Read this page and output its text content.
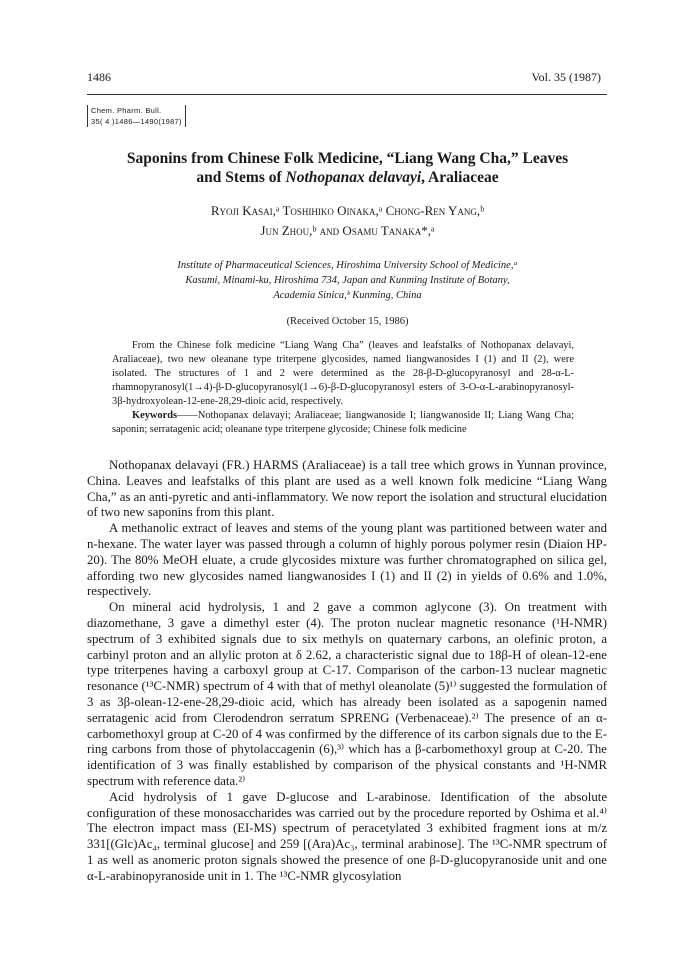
1486	Vol. 35 (1987)
Chem. Pharm. Bull.
35( 4 )1486—1490(1987)
Saponins from Chinese Folk Medicine, “Liang Wang Cha,” Leaves
and Stems of Nothopanax delavayi, Araliaceae
Ryoji Kasai,ᵃ Toshihiko Oinaka,ᵃ Chong-Ren Yang,ᵇ
Jun Zhou,ᵇ and Osamu Tanaka*,ᵃ
Institute of Pharmaceutical Sciences, Hiroshima University School of Medicine,ᵃ
Kasumi, Minami-ku, Hiroshima 734, Japan and Kunming Institute of Botany,
Academia Sinica,ᵇ Kunming, China
(Received October 15, 1986)
From the Chinese folk medicine “Liang Wang Cha” (leaves and leafstalks of Nothopanax delavayi, Araliaceae), two new oleanane type triterpene glycosides, named liangwanosides I (1) and II (2), were isolated. The structures of 1 and 2 were determined as the 28-β-D-glucopyranosyl and 28-α-L-rhamnopyranosyl(1→4)-β-D-glucopyranosyl(1→6)-β-D-glucopyranosyl esters of 3-O-α-L-arabinopyranosyl-3β-hydroxyolean-12-ene-28,29-dioic acid, respectively.
Keywords——Nothopanax delavayi; Araliaceae; liangwanoside I; liangwanoside II; Liang Wang Cha; saponin; serratagenic acid; oleanane type triterpene glycoside; Chinese folk medicine

Nothopanax delavayi (FR.) HARMS (Araliaceae) is a tall tree which grows in Yunnan province, China. Leaves and leafstalks of this plant are used as a well known folk medicine “Liang Wang Cha,” as an anti-pyretic and anti-inflammatory. We now report the isolation and structural elucidation of two new saponins from this plant.

A methanolic extract of leaves and stems of the young plant was partitioned between water and n-hexane. The water layer was passed through a column of highly porous polymer resin (Diaion HP-20). The 80% MeOH eluate, a crude glycosides mixture was further chromatographed on silica gel, affording two new glycosides named liangwanosides I (1) and II (2) in yields of 0.6% and 1.0%, respectively.

On mineral acid hydrolysis, 1 and 2 gave a common aglycone (3). On treatment with diazomethane, 3 gave a dimethyl ester (4). The proton nuclear magnetic resonance (¹H-NMR) spectrum of 3 exhibited signals due to six methyls on quaternary carbons, an olefinic proton, a carbinyl proton and an allylic proton at δ 2.62, a characteristic signal due to 18β-H of olean-12-ene type triterpenes having a carboxyl group at C-17. Comparison of the carbon-13 nuclear magnetic resonance (¹³C-NMR) spectrum of 4 with that of methyl oleanolate (5)¹⁾ suggested the formulation of 3 as 3β-olean-12-ene-28,29-dioic acid, which has already been isolated as a sapogenin named serratagenic acid from Clerodendron serratum SPRENG (Verbenaceae).²⁾ The presence of an α-carbomethoxyl group at C-20 of 4 was confirmed by the difference of its carbon signals due to the E-ring carbons from those of phytolaccagenin (6),³⁾ which has a β-carbomethoxyl group at C-20. The identification of 3 was finally established by comparison of the physical constants and ¹H-NMR spectrum with reference data.²⁾

Acid hydrolysis of 1 gave D-glucose and L-arabinose. Identification of the absolute configuration of these monosaccharides was carried out by the procedure reported by Oshima et al.⁴⁾ The electron impact mass (EI-MS) spectrum of peracetylated 3 exhibited fragment ions at m/z 331[(Glc)Ac₄, terminal glucose] and 259 [(Ara)Ac₃, terminal arabinose]. The ¹³C-NMR spectrum of 1 as well as anomeric proton signals showed the presence of one β-D-glucopyranoside unit and one α-L-arabinopyranoside unit in 1. The ¹³C-NMR glycosylation
